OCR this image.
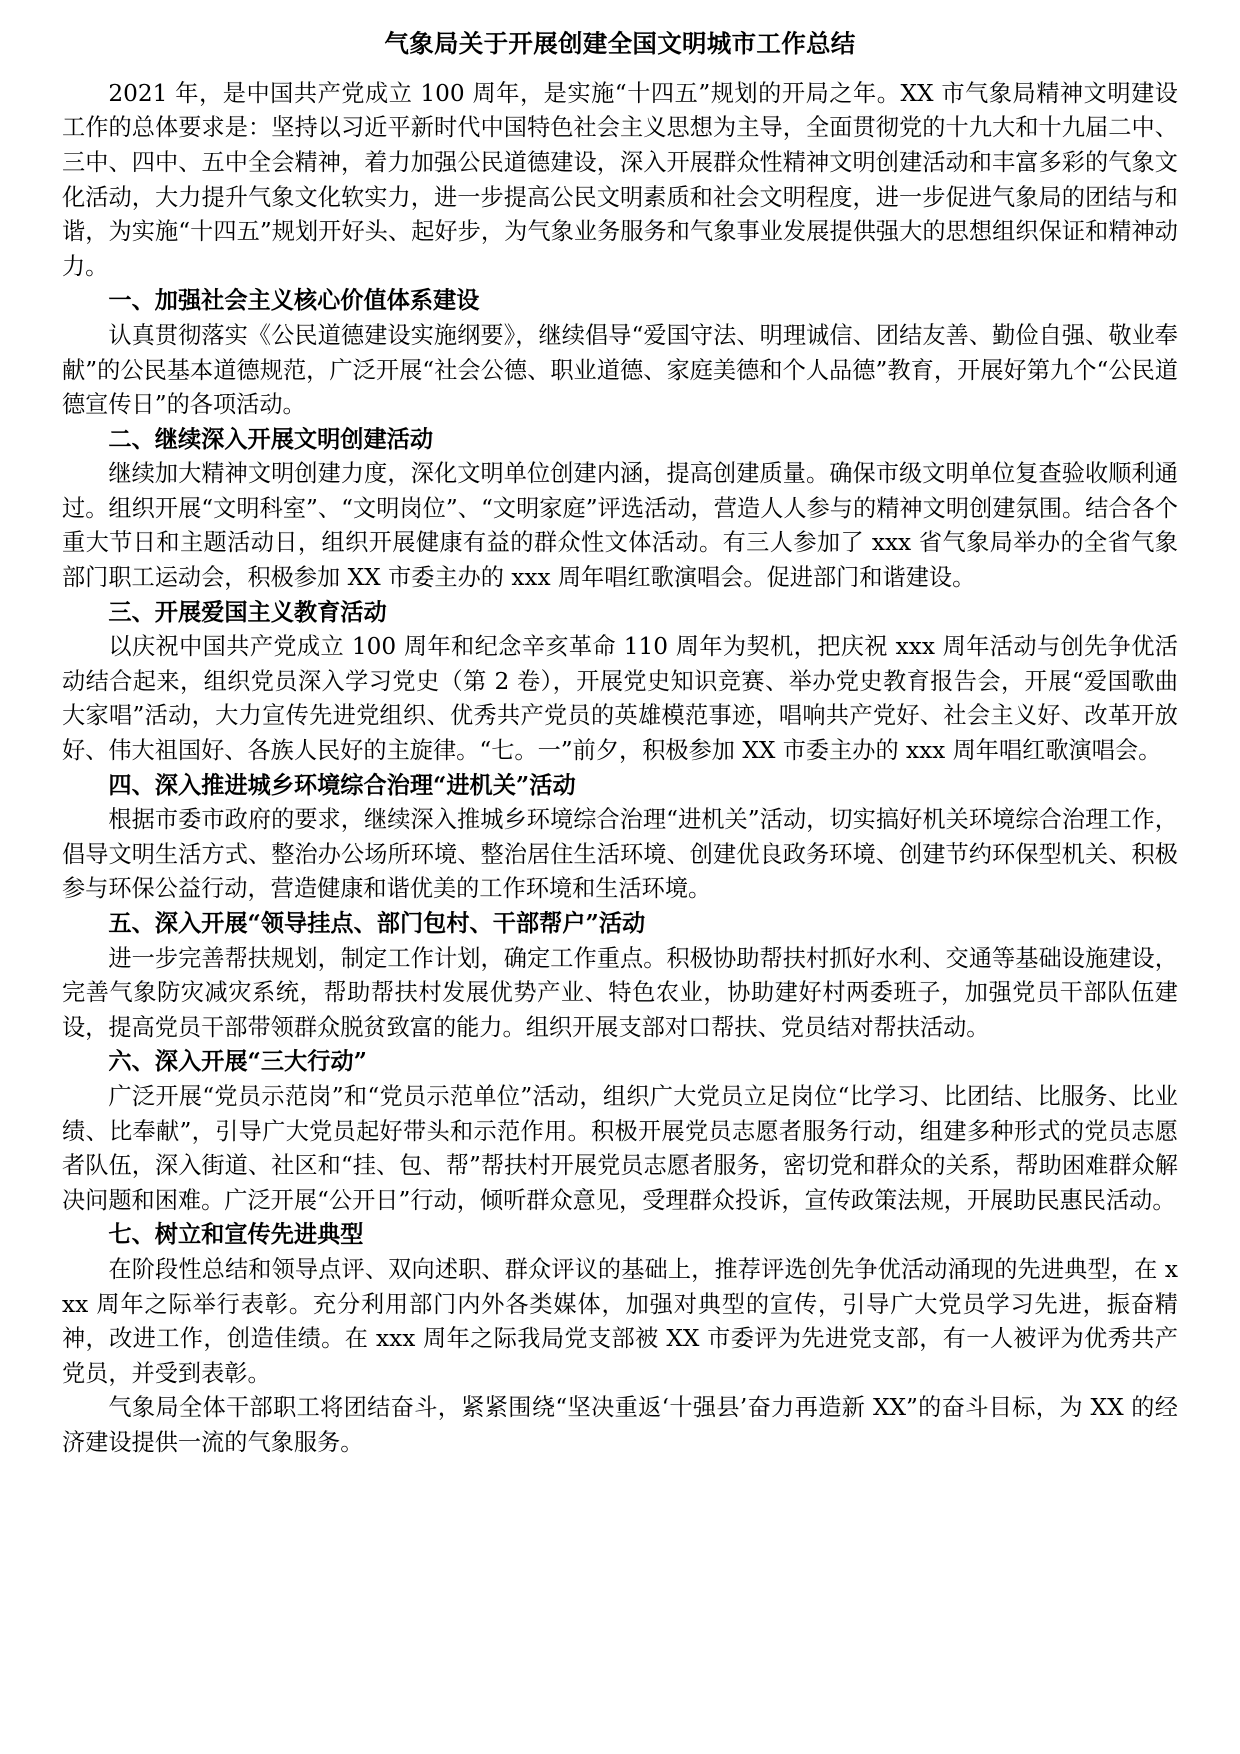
气象局关于开展创建全国文明城市工作总结

2021 年，是中国共产党成立 100 周年，是实施“十四五”规划的开局之年。XX 市气象局精神文明建设工作的总体要求是：坚持以习近平新时代中国特色社会主义思想为主导，全面贯彻党的十九大和十九届二中、三中、四中、五中全会精神，着力加强公民道德建设，深入开展群众性精神文明创建活动和丰富多彩的气象文化活动，大力提升气象文化软实力，进一步提高公民文明素质和社会文明程度，进一步促进气象局的团结与和谐，为实施“十四五”规划开好头、起好步，为气象业务服务和气象事业发展提供强大的思想组织保证和精神动力。

一、加强社会主义核心价值体系建设

认真贯彻落实《公民道德建设实施纲要》，继续倡导“爱国守法、明理诚信、团结友善、勤俭自强、敬业奉献”的公民基本道德规范，广泛开展“社会公德、职业道德、家庭美德和个人品德”教育，开展好第九个“公民道德宣传日”的各项活动。

二、继续深入开展文明创建活动

继续加大精神文明创建力度，深化文明单位创建内涵，提高创建质量。确保市级文明单位复查验收顺利通过。组织开展“文明科室”、“文明岗位”、“文明家庭”评选活动，营造人人参与的精神文明创建氛围。结合各个重大节日和主题活动日，组织开展健康有益的群众性文体活动。有三人参加了 xxx 省气象局举办的全省气象部门职工运动会，积极参加 XX 市委主办的 xxx 周年唱红歌演唱会。促进部门和谐建设。

三、开展爱国主义教育活动

以庆祝中国共产党成立 100 周年和纪念辛亥革命 110 周年为契机，把庆祝 xxx 周年活动与创先争优活动结合起来，组织党员深入学习党史（第 2 卷），开展党史知识竞赛、举办党史教育报告会，开展“爱国歌曲大家唱”活动，大力宣传先进党组织、优秀共产党员的英雄模范事迹，唱响共产党好、社会主义好、改革开放好、伟大祖国好、各族人民好的主旋律。“七。一”前夕，积极参加 XX 市委主办的 xxx 周年唱红歌演唱会。

四、深入推进城乡环境综合治理“进机关”活动

根据市委市政府的要求，继续深入推城乡环境综合治理“进机关”活动，切实搞好机关环境综合治理工作，倡导文明生活方式、整治办公场所环境、整治居住生活环境、创建优良政务环境、创建节约环保型机关、积极参与环保公益行动，营造健康和谐优美的工作环境和生活环境。

五、深入开展“领导挂点、部门包村、干部帮户”活动

进一步完善帮扶规划，制定工作计划，确定工作重点。积极协助帮扶村抓好水利、交通等基础设施建设，完善气象防灾减灾系统，帮助帮扶村发展优势产业、特色农业，协助建好村两委班子，加强党员干部队伍建设，提高党员干部带领群众脱贫致富的能力。组织开展支部对口帮扶、党员结对帮扶活动。

六、深入开展“三大行动”

广泛开展“党员示范岗”和“党员示范单位”活动，组织广大党员立足岗位“比学习、比团结、比服务、比业绩、比奉献”，引导广大党员起好带头和示范作用。积极开展党员志愿者服务行动，组建多种形式的党员志愿者队伍，深入街道、社区和“挂、包、帮”帮扶村开展党员志愿者服务，密切党和群众的关系，帮助困难群众解决问题和困难。广泛开展“公开日”行动，倾听群众意见，受理群众投诉，宣传政策法规，开展助民惠民活动。

七、树立和宣传先进典型

在阶段性总结和领导点评、双向述职、群众评议的基础上，推荐评选创先争优活动涌现的先进典型，在 xxx 周年之际举行表彰。充分利用部门内外各类媒体，加强对典型的宣传，引导广大党员学习先进，振奋精神，改进工作，创造佳绩。在 xxx 周年之际我局党支部被 XX 市委评为先进党支部，有一人被评为优秀共产党员，并受到表彰。

气象局全体干部职工将团结奋斗，紧紧围绕“坚决重返‘十强县’奋力再造新 XX”的奋斗目标，为 XX 的经济建设提供一流的气象服务。
